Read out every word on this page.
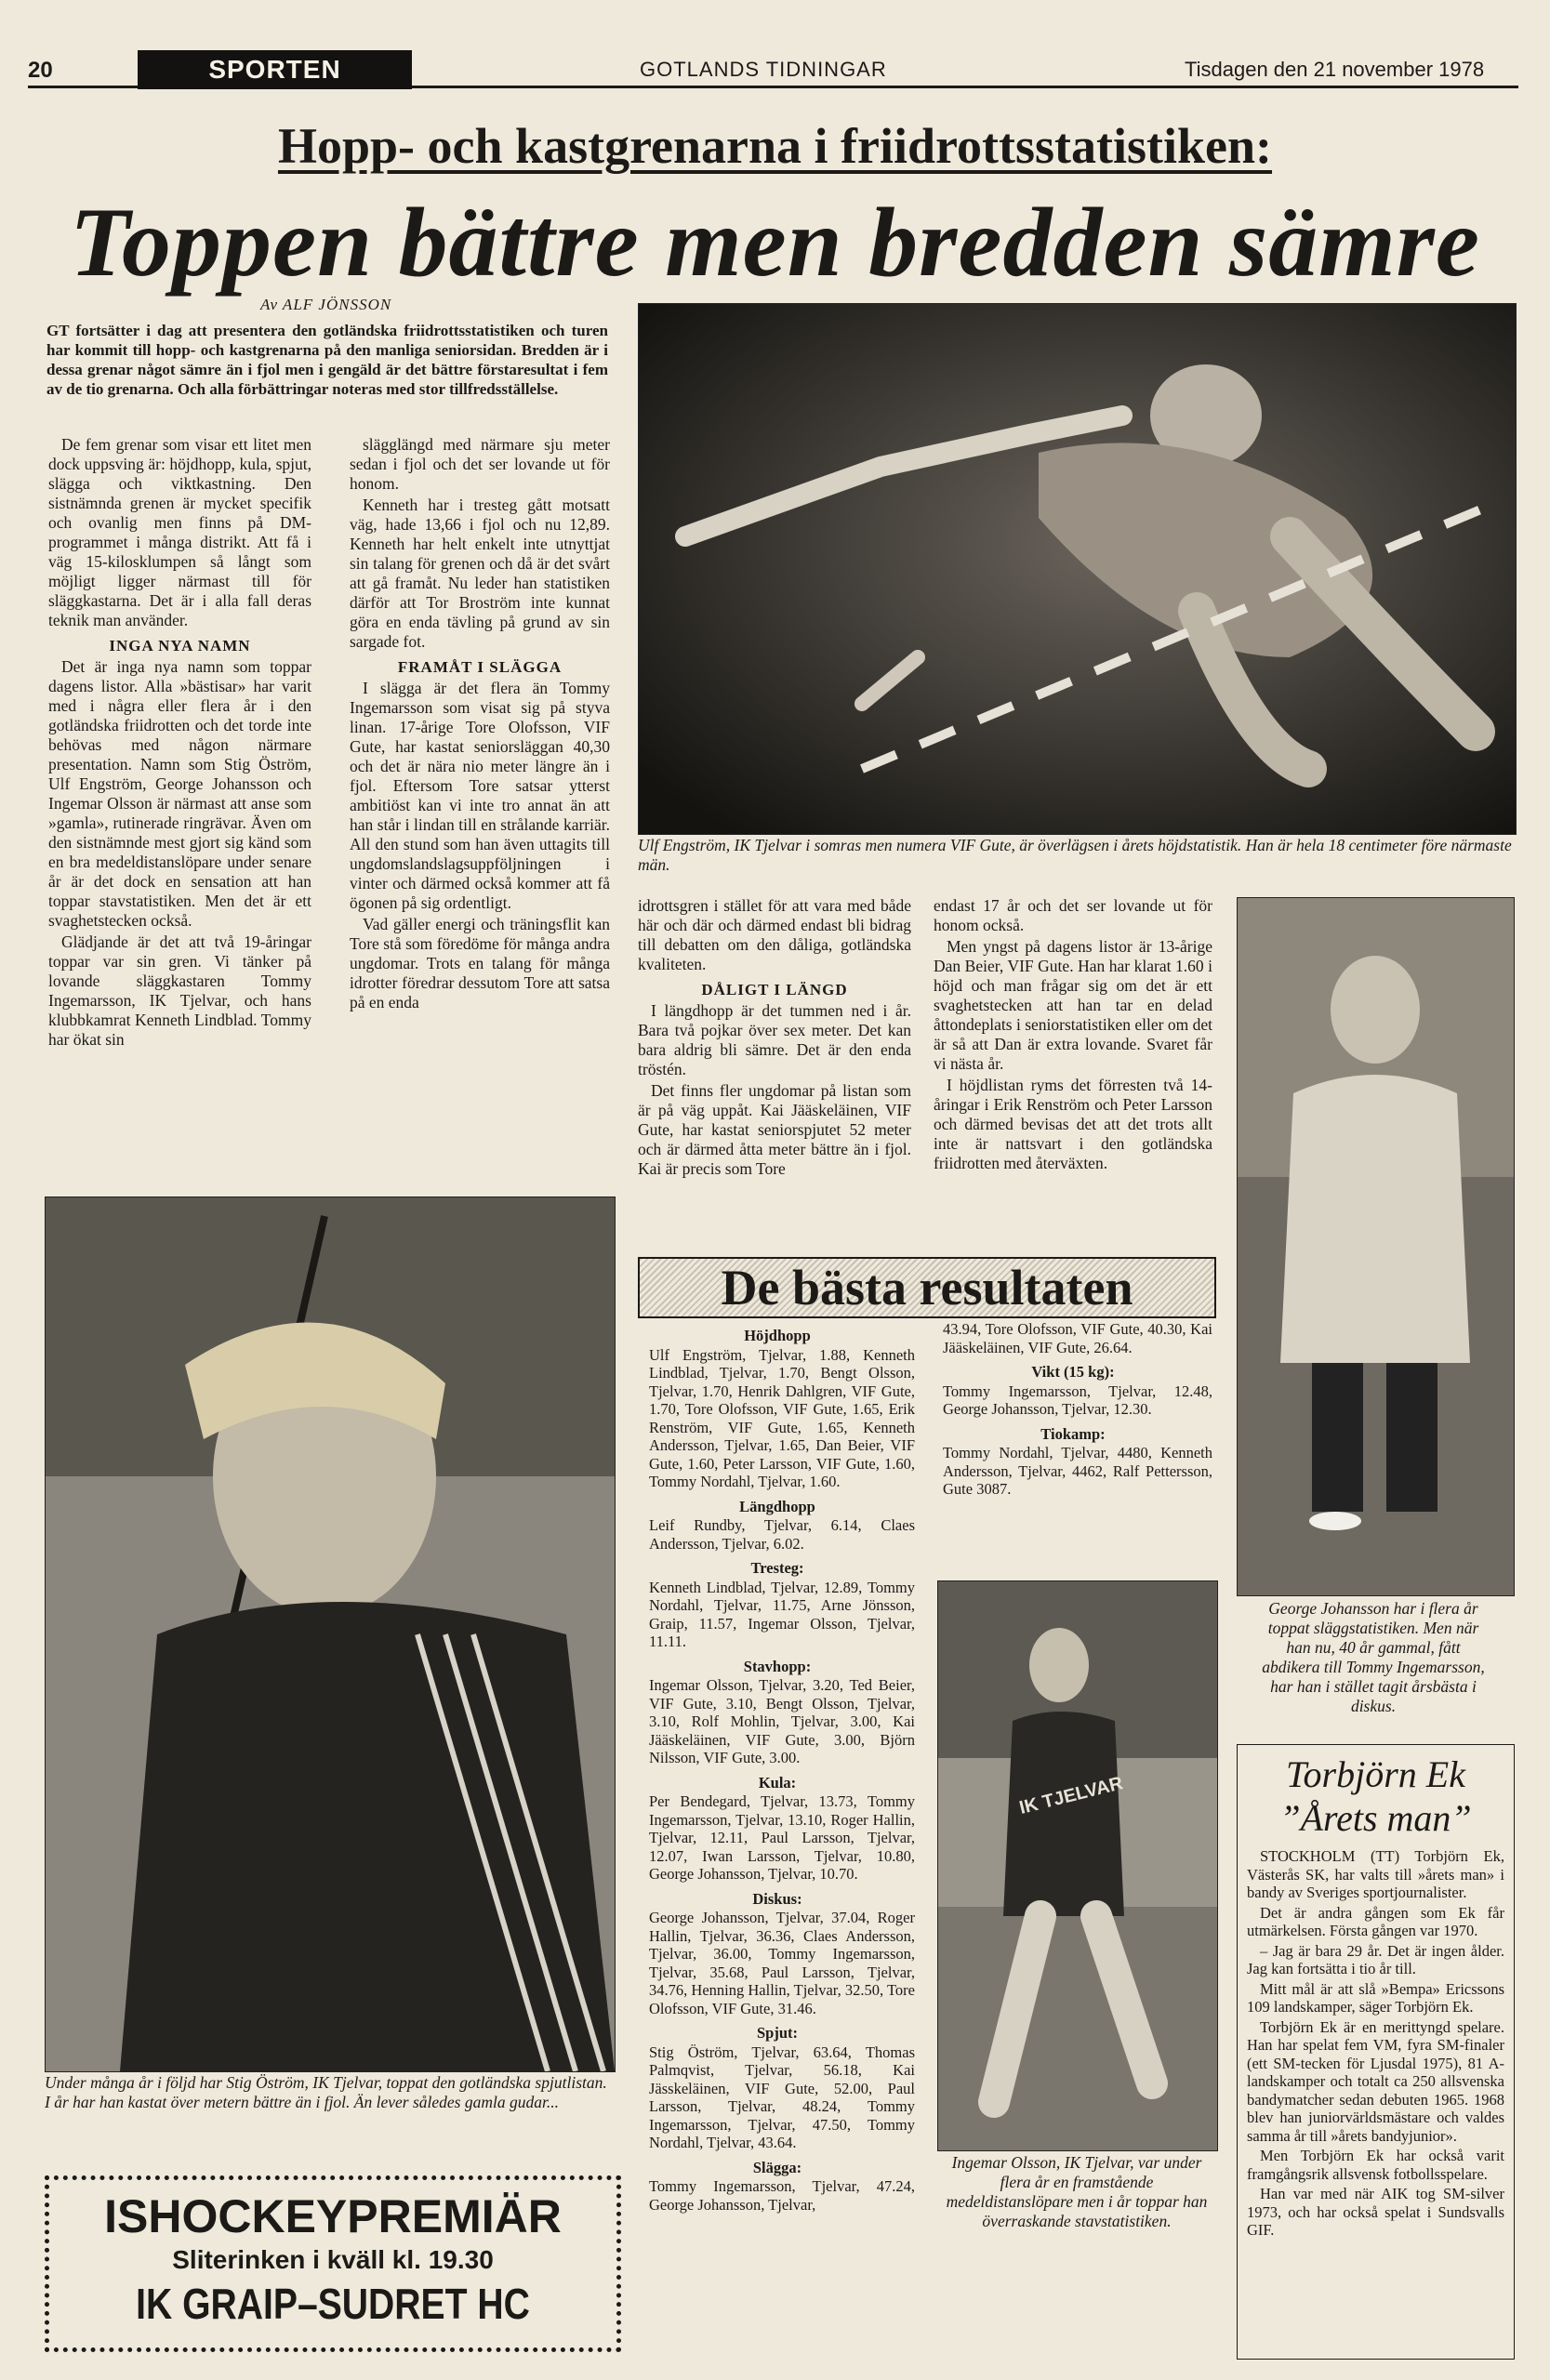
20	SPORTEN	GOTLANDS TIDNINGAR	Tisdagen den 21 november 1978
Hopp- och kastgrenarna i friidrottsstatistiken:
Toppen bättre men bredden sämre
Av ALF JÖNSSON
GT fortsätter i dag att presentera den gotländska friidrottsstatistiken och turen har kommit till hopp- och kastgrenarna på den manliga seniorsidan. Bredden är i dessa grenar något sämre än i fjol men i gengäld är det bättre förstaresultat i fem av de tio grenarna. Och alla förbättringar noteras med stor tillfredsställelse.

De fem grenar som visar ett litet men dock uppsving är: höjdhopp, kula, spjut, slägga och viktkastning. Den sistnämnda grenen är mycket specifik och ovanlig men finns på DM-programmet i många distrikt. Att få i väg 15-kilosklumpen så långt som möjligt ligger närmast till för släggkastarna. Det är i alla fall deras teknik man använder.

INGA NYA NAMN

Det är inga nya namn som toppar dagens listor. Alla »bästisar» har varit med i några eller flera år i den gotländska friidrotten och det torde inte behövas med någon närmare presentation. Namn som Stig Öström, Ulf Engström, George Johansson och Ingemar Olsson är närmast att anse som »gamla», rutinerade ringrävar. Även om den sistnämnde mest gjort sig känd som en bra medeldistanslöpare under senare år är det dock en sensation att han toppar stavstatistiken. Men det är ett svaghetstecken också.

Glädjande är det att två 19-åringar toppar var sin gren. Vi tänker på lovande släggkastaren Tommy Ingemarsson, IK Tjelvar, och hans klubbkamrat Kenneth Lindblad. Tommy har ökat sin

slägglängd med närmare sju meter sedan i fjol och det ser lovande ut för honom.

Kenneth har i tresteg gått motsatt väg, hade 13,66 i fjol och nu 12,89. Kenneth har helt enkelt inte utnyttjat sin talang för grenen och då är det svårt att gå framåt. Nu leder han statistiken därför att Tor Broström inte kunnat göra en enda tävling på grund av sin sargade fot.

FRAMÅT I SLÄGGA

I slägga är det flera än Tommy Ingemarsson som visat sig på styva linan. 17-årige Tore Olofsson, VIF Gute, har kastat seniorsläggan 40,30 och det är nära nio meter längre än i fjol. Eftersom Tore satsar ytterst ambitiöst kan vi inte tro annat än att han står i lindan till en strålande karriär. All den stund som han även uttagits till ungdomslandslagsuppföljningen i vinter och därmed också kommer att få ögonen på sig ordentligt.

Vad gäller energi och träningsflit kan Tore stå som föredöme för många andra ungdomar. Trots en talang för många idrotter föredrar dessutom Tore att satsa på en enda

Ulf Engström, IK Tjelvar i somras men numera VIF Gute, är överlägsen i årets höjdstatistik. Han är hela 18 centimeter före närmaste män.

idrottsgren i stället för att vara med både här och där och därmed endast bli bidrag till debatten om den dåliga, gotländska kvaliteten.

DÅLIGT I LÄNGD

I längdhopp är det tummen ned i år. Bara två pojkar över sex meter. Det kan bara aldrig bli sämre. Det är den enda tröstén.

Det finns fler ungdomar på listan som är på väg uppåt. Kai Jääskeläinen, VIF Gute, har kastat seniorspjutet 52 meter och är därmed åtta meter bättre än i fjol. Kai är precis som Tore

endast 17 år och det ser lovande ut för honom också.

Men yngst på dagens listor är 13-årige Dan Beier, VIF Gute. Han har klarat 1.60 i höjd och man frågar sig om det är ett svaghetstecken att han tar en delad åttondeplats i seniorstatistiken eller om det är så att Dan är extra lovande. Svaret får vi nästa år.

I höjdlistan ryms det förresten två 14-åringar i Erik Renström och Peter Larsson och därmed bevisas det att det trots allt inte är nattsvart i den gotländska friidrotten med återväxten.

George Johansson har i flera år toppat släggstatistiken. Men när han nu, 40 år gammal, fått abdikera till Tommy Ingemarsson, har han i stället tagit årsbästa i diskus.
Under många år i följd har Stig Öström, IK Tjelvar, toppat den gotländska spjutlistan. I år har han kastat över metern bättre än i fjol. Än lever således gamla gudar...
De bästa resultaten
Höjdhopp

Ulf Engström, Tjelvar, 1.88, Kenneth Lindblad, Tjelvar, 1.70, Bengt Olsson, Tjelvar, 1.70, Henrik Dahlgren, VIF Gute, 1.70, Tore Olofsson, VIF Gute, 1.65, Erik Renström, VIF Gute, 1.65, Kenneth Andersson, Tjelvar, 1.65, Dan Beier, VIF Gute, 1.60, Peter Larsson, VIF Gute, 1.60, Tommy Nordahl, Tjelvar, 1.60.

Längdhopp

Leif Rundby, Tjelvar, 6.14, Claes Andersson, Tjelvar, 6.02.

Tresteg:

Kenneth Lindblad, Tjelvar, 12.89, Tommy Nordahl, Tjelvar, 11.75, Arne Jönsson, Graip, 11.57, Ingemar Olsson, Tjelvar, 11.11.

Stavhopp:

Ingemar Olsson, Tjelvar, 3.20, Ted Beier, VIF Gute, 3.10, Bengt Olsson, Tjelvar, 3.10, Rolf Mohlin, Tjelvar, 3.00, Kai Jääskeläinen, VIF Gute, 3.00, Björn Nilsson, VIF Gute, 3.00.

Kula:

Per Bendegard, Tjelvar, 13.73, Tommy Ingemarsson, Tjelvar, 13.10, Roger Hallin, Tjelvar, 12.11, Paul Larsson, Tjelvar, 12.07, Iwan Larsson, Tjelvar, 10.80, George Johansson, Tjelvar, 10.70.

Diskus:

George Johansson, Tjelvar, 37.04, Roger Hallin, Tjelvar, 36.36, Claes Andersson, Tjelvar, 36.00, Tommy Ingemarsson, Tjelvar, 35.68, Paul Larsson, Tjelvar, 34.76, Henning Hallin, Tjelvar, 32.50, Tore Olofsson, VIF Gute, 31.46.

Spjut:

Stig Öström, Tjelvar, 63.64, Thomas Palmqvist, Tjelvar, 56.18, Kai Jässkeläinen, VIF Gute, 52.00, Paul Larsson, Tjelvar, 48.24, Tommy Ingemarsson, Tjelvar, 47.50, Tommy Nordahl, Tjelvar, 43.64.

Slägga:

Tommy Ingemarsson, Tjelvar, 47.24, George Johansson, Tjelvar,

43.94, Tore Olofsson, VIF Gute, 40.30, Kai Jääskeläinen, VIF Gute, 26.64.

Vikt (15 kg):

Tommy Ingemarsson, Tjelvar, 12.48, George Johansson, Tjelvar, 12.30.

Tiokamp:

Tommy Nordahl, Tjelvar, 4480, Kenneth Andersson, Tjelvar, 4462, Ralf Pettersson, Gute 3087.

IK TJELVAR
Ingemar Olsson, IK Tjelvar, var under flera år en framstående medeldistanslöpare men i år toppar han överraskande stavstatistiken.
Torbjörn Ek
”Årets man”

STOCKHOLM (TT) Torbjörn Ek, Västerås SK, har valts till »årets man» i bandy av Sveriges sportjournalister.

Det är andra gången som Ek får utmärkelsen. Första gången var 1970.

– Jag är bara 29 år. Det är ingen ålder. Jag kan fortsätta i tio år till.

Mitt mål är att slå »Bempa» Ericssons 109 landskamper, säger Torbjörn Ek.

Torbjörn Ek är en merittyngd spelare. Han har spelat fem VM, fyra SM-finaler (ett SM-tecken för Ljusdal 1975), 81 A-landskamper och totalt ca 250 allsvenska bandymatcher sedan debuten 1965. 1968 blev han juniorvärldsmästare och valdes samma år till »årets bandyjunior».

Men Torbjörn Ek har också varit framgångsrik allsvensk fotbollsspelare.

Han var med när AIK tog SM-silver 1973, och har också spelat i Sundsvalls GIF.

ISHOCKEYPREMIÄR
Sliterinken i kväll kl. 19.30
IK GRAIP–SUDRET HC
